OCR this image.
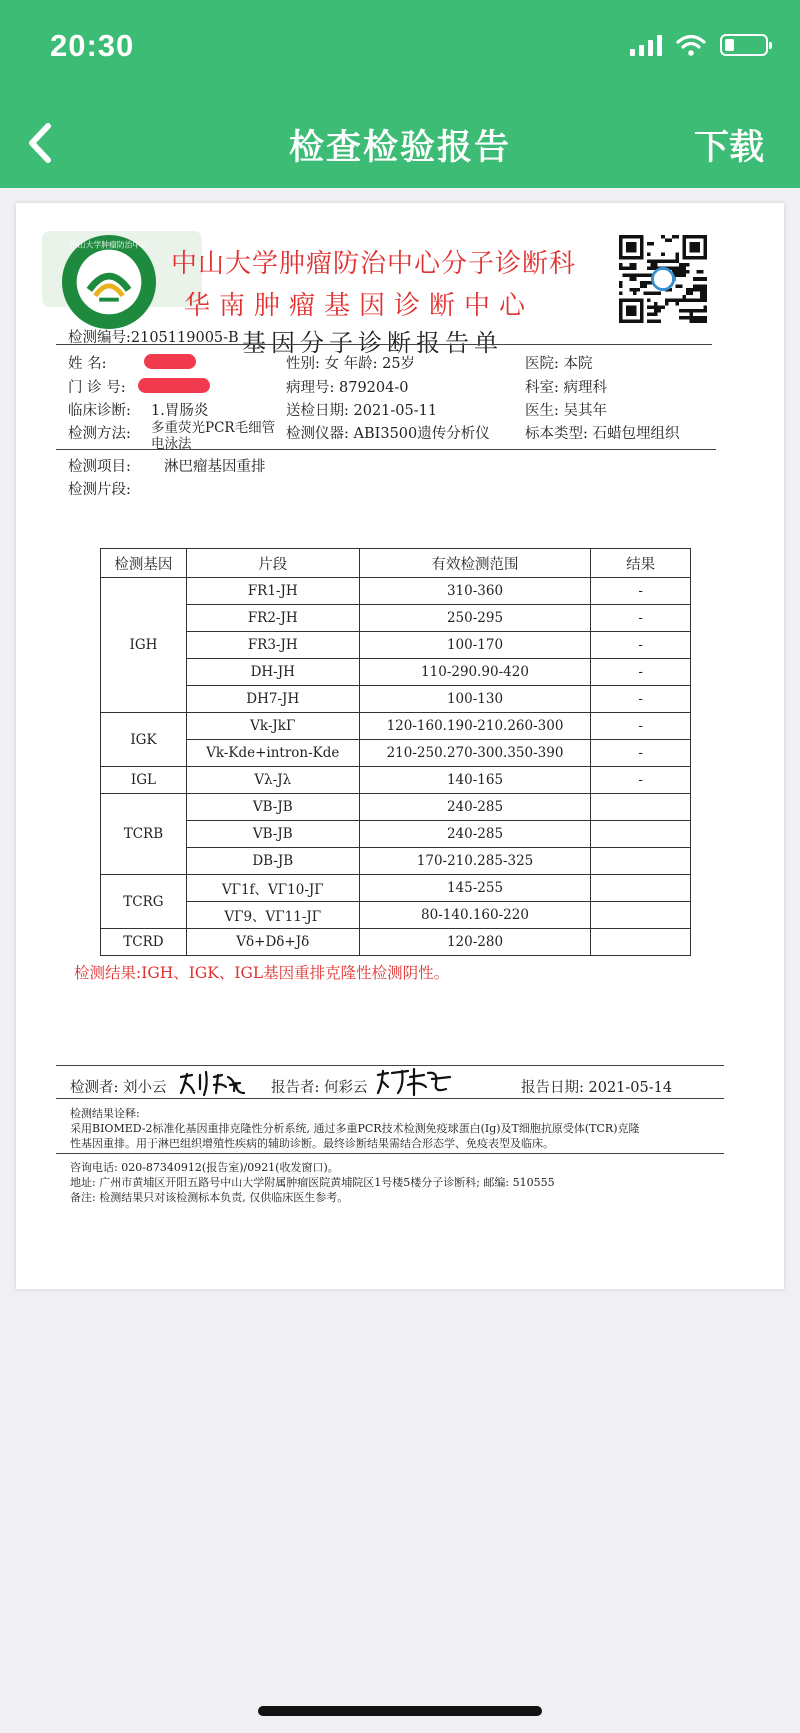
20:30
检查检验报告	下载
中山大学肿瘤防治中心
中山大学肿瘤防治中心分子诊断科
华南肿瘤基因诊断中心
基因分子诊断报告单
检测编号:2105119005-B
姓 名:
门 诊 号:
临床诊断: 1.胃肠炎
检测方法: 多重荧光PCR毛细管
电泳法
性别: 女 年龄: 25岁
病理号: 879204-0
送检日期: 2021-05-11
检测仪器: ABI3500遗传分析仪
医院: 本院
科室: 病理科
医生: 吴其年
标本类型: 石蜡包埋组织
检测项目: 淋巴瘤基因重排
检测片段:
检测基因	片段	有效检测范围	结果
IGH	FR1-JH	310-360	-
	FR2-JH	250-295	-
	FR3-JH	100-170	-
	DH-JH	110-290.90-420	-
	DH7-JH	100-130	-
IGK	Vk-JkΓ	120-160.190-210.260-300	-
	Vk-Kde+intron-Kde	210-250.270-300.350-390	-
IGL	Vλ-Jλ	140-165	-
TCRB	VB-JB	240-285	
	VB-JB	240-285	
	DB-JB	170-210.285-325	
TCRG	VΓ1f、VΓ10-JΓ	145-255	
	VΓ9、VΓ11-JΓ	80-140.160-220	
TCRD	Vδ+Dδ+Jδ	120-280	
检测结果:IGH、IGK、IGL基因重排克隆性检测阴性。
检测者: 刘小云	报告者: 何彩云	报告日期: 2021-05-14
检测结果诠释:
采用BIOMED-2标准化基因重排克隆性分析系统, 通过多重PCR技术检测免疫球蛋白(Ig)及T细胞抗原受体(TCR)克隆
性基因重排。用于淋巴组织增殖性疾病的辅助诊断。最终诊断结果需结合形态学、免疫表型及临床。
咨询电话: 020-87340912(报告室)/0921(收发窗口)。
地址: 广州市黄埔区开阳五路号中山大学附属肿瘤医院黄埔院区1号楼5楼分子诊断科; 邮编: 510555
备注: 检测结果只对该检测标本负责, 仅供临床医生参考。
